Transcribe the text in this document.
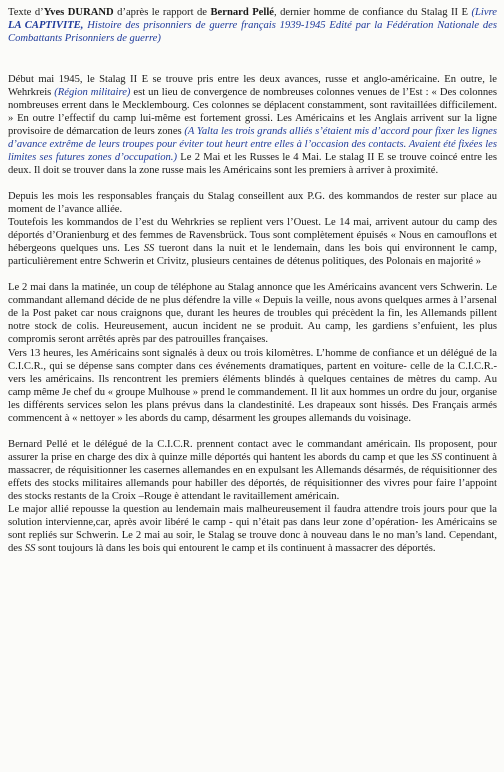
Texte d’Yves DURAND d’après le rapport de Bernard Pellé, dernier homme de confiance du Stalag II E (Livre LA CAPTIVITE, Histoire des prisonniers de guerre français 1939-1945 Edité par la Fédération Nationale des Combattants Prisonniers de guerre)

Début mai 1945, le Stalag II E se trouve pris entre les deux avances, russe et anglo-américaine. En outre, le Wehrkreis (Région militaire) est un lieu de convergence de nombreuses colonnes venues de l’Est : « Des colonnes nombreuses errent dans le Mecklembourg. Ces colonnes se déplacent constamment, sont ravitaillées difficilement. » En outre l’effectif du camp lui-même est fortement grossi. Les Américains et les Anglais arrivent sur la ligne provisoire de démarcation de leurs zones (A Yalta les trois grands alliés s’étaient mis d’accord pour fixer les lignes d’avance extrême de leurs troupes pour éviter tout heurt entre elles à l’occasion des contacts. Avaient été fixées les limites ses futures zones d’occupation.) Le 2 Mai et les Russes le 4 Mai. Le stalag II E se trouve coincé entre les deux. Il doit se trouver dans la zone russe mais les Américains sont les premiers à arriver à proximité.

Depuis les mois les responsables français du Stalag conseillent aux P.G. des kommandos de rester sur place au moment de l’avance alliée.

Toutefois les kommandos de l’est du Wehrkries se replient vers l’Ouest. Le 14 mai, arrivent autour du camp des déportés d’Oranienburg et des femmes de Ravensbrück. Tous sont complètement épuisés « Nous en camouflons et hébergeons quelques uns. Les SS tueront dans la nuit et le lendemain, dans les bois qui environnent le camp, particulièrement entre Schwerin et Crivitz, plusieurs centaines de détenus politiques, des Polonais en majorité »

Le 2 mai dans la matinée, un coup de téléphone au Stalag annonce que les Américains avancent vers Schwerin. Le commandant allemand décide de ne plus défendre la ville « Depuis la veille, nous avons quelques armes à l’arsenal de la Post paket car nous craignons que, durant les heures de troubles qui précèdent la fin, les Allemands pillent notre stock de colis. Heureusement, aucun incident ne se produit. Au camp, les gardiens s’enfuient, les plus compromis seront arrêtés après par des patrouilles françaises.

Vers 13 heures, les Américains sont signalés à deux ou trois kilomètres. L’homme de confiance et un délégué de la C.I.C.R., qui se dépense sans compter dans ces événements dramatiques, partent en voiture- celle de la C.I.C.R.- vers les américains. Ils rencontrent les premiers éléments blindés à quelques centaines de mètres du camp. Au camp même Je chef du « groupe Mulhouse » prend le commandement. Il lit aux hommes un ordre du jour, organise les différents services selon les plans prévus dans la clandestinité. Les drapeaux sont hissés. Des Français armés commencent à « nettoyer » les abords du camp, désarment les groupes allemands du voisinage.

Bernard Pellé et le délégué de la C.I.C.R. prennent contact avec le commandant américain. Ils proposent, pour assurer la prise en charge des dix à quinze mille déportés qui hantent les abords du camp et que les SS continuent à massacrer, de réquisitionner les casernes allemandes en en expulsant les Allemands désarmés, de réquisitionner des effets des stocks militaires allemands pour habiller des déportés, de réquisitionner des vivres pour faire l’appoint des stocks restants de la Croix –Rouge è attendant le ravitaillement américain.

Le major allié repousse la question au lendemain mais malheureusement il faudra attendre trois jours pour que la solution intervienne,car, après avoir libéré le camp - qui n’était pas dans leur zone d’opération- les Américains se sont repliés sur Schwerin. Le 2 mai au soir, le Stalag se trouve donc à nouveau dans le no man’s land. Cependant, des SS sont toujours là dans les bois qui entourent le camp et ils continuent à massacrer des déportés.
